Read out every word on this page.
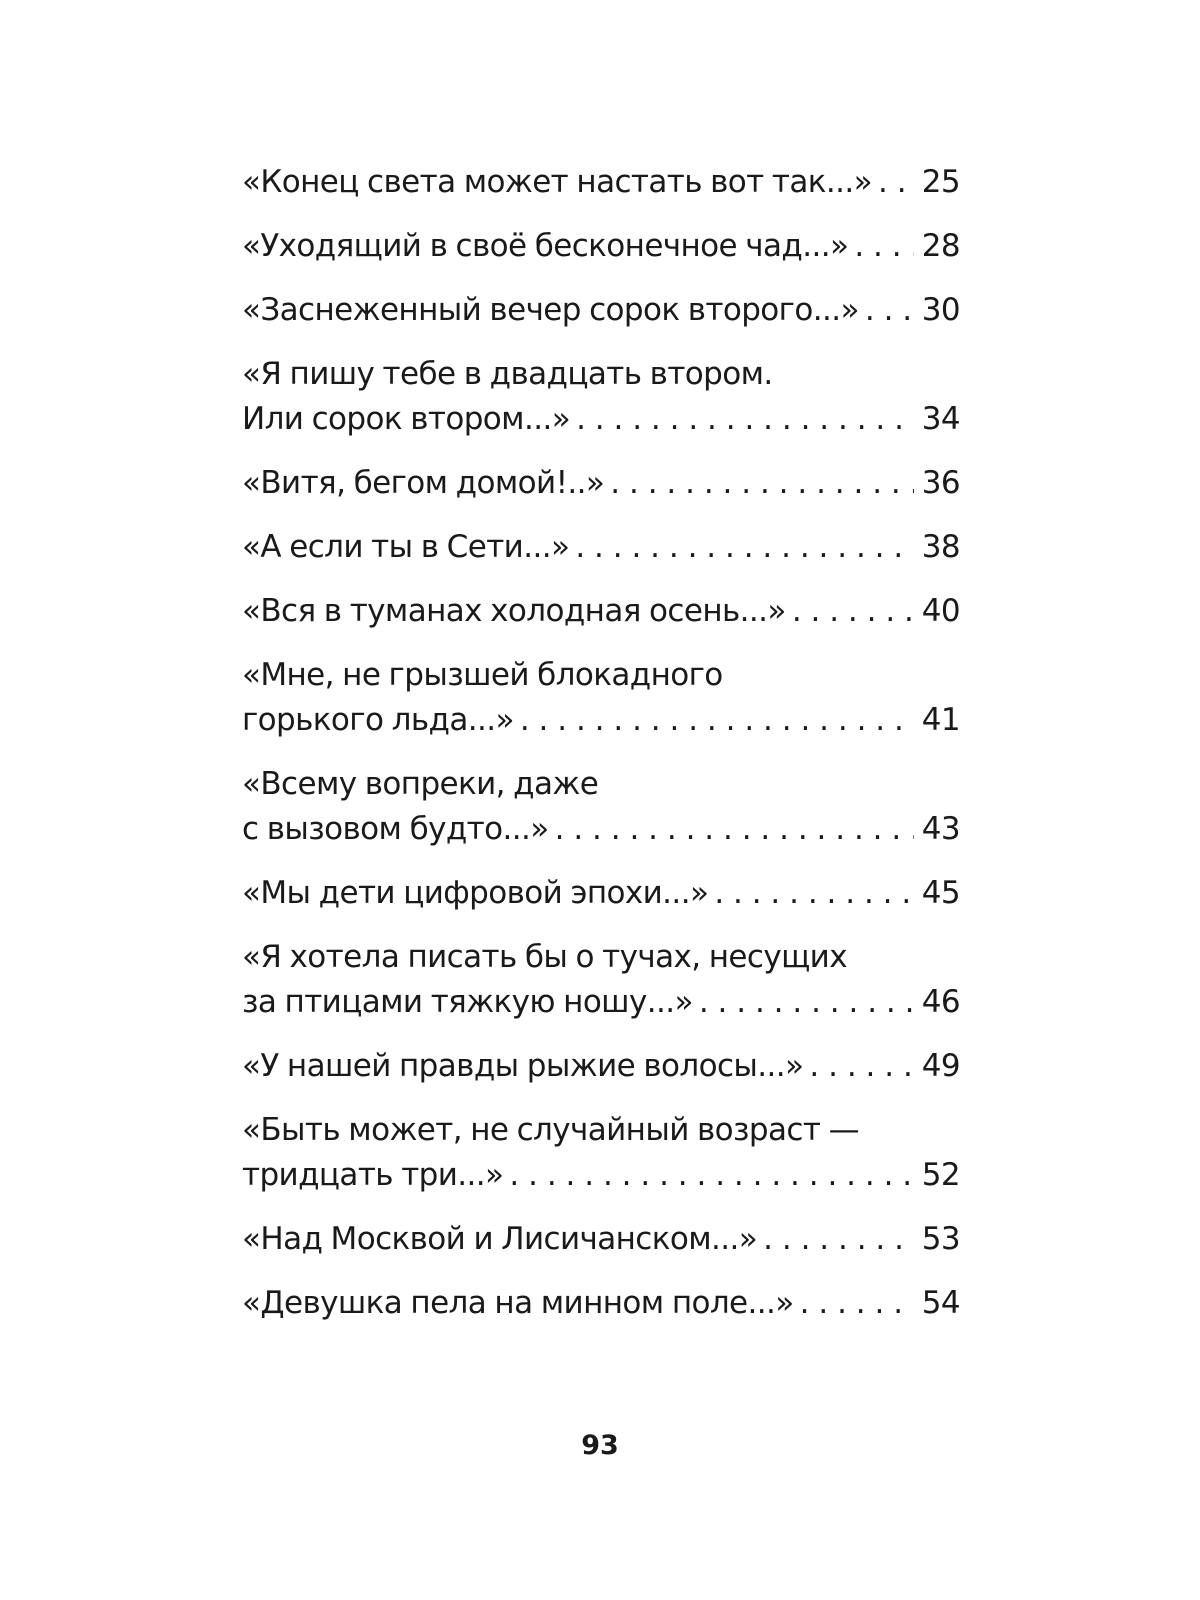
«Конец света может настать вот так...» . . . 25
«Уходящий в своё бесконечное чад...» . . . 28
«Заснеженный вечер сорок второго...» . . . 30
«Я пишу тебе в двадцать втором.
Или сорок втором...» . . .	34
«Витя, бегом домой!..» . . .	36
«А если ты в Сети...» . . .	38
«Вся в туманах холодная осень...» . . .	40
«Мне, не грызшей блокадного
горького льда...» . . .	41
«Всему вопреки, даже
с вызовом будто...» . . .	43
«Мы дети цифровой эпохи...» . . .	45
«Я хотела писать бы о тучах, несущих
за птицами тяжкую ношу...» . . .	46
«У нашей правды рыжие волосы...» . . .	49
«Быть может, не случайный возраст —
тридцать три...» . . .	52
«Над Москвой и Лисичанском...» . . .	53
«Девушка пела на минном поле...» . . .	54
93
